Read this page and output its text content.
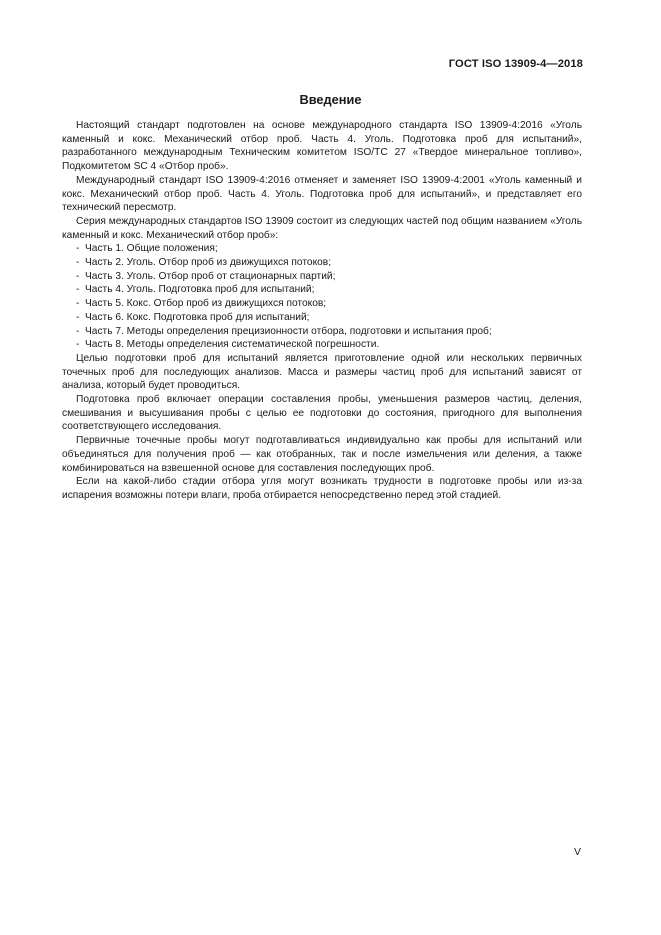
ГОСТ ISO 13909-4—2018
Введение

Настоящий стандарт подготовлен на основе международного стандарта ISO 13909-4:2016 «Уголь каменный и кокс. Механический отбор проб. Часть 4. Уголь. Подготовка проб для испытаний», разработанного международным Техническим комитетом ISO/TC 27 «Твердое минеральное топливо», Подкомитетом SC 4 «Отбор проб».

Международный стандарт ISO 13909-4:2016 отменяет и заменяет ISO 13909-4:2001 «Уголь каменный и кокс. Механический отбор проб. Часть 4. Уголь. Подготовка проб для испытаний», и представляет его технический пересмотр.

Серия международных стандартов ISO 13909 состоит из следующих частей под общим названием «Уголь каменный и кокс. Механический отбор проб»:

- Часть 1. Общие положения;
- Часть 2. Уголь. Отбор проб из движущихся потоков;
- Часть 3. Уголь. Отбор проб от стационарных партий;
- Часть 4. Уголь. Подготовка проб для испытаний;
- Часть 5. Кокс. Отбор проб из движущихся потоков;
- Часть 6. Кокс. Подготовка проб для испытаний;
- Часть 7. Методы определения прецизионности отбора, подготовки и испытания проб;
- Часть 8. Методы определения систематической погрешности.

Целью подготовки проб для испытаний является приготовление одной или нескольких первичных точечных проб для последующих анализов. Масса и размеры частиц проб для испытаний зависят от анализа, который будет проводиться.

Подготовка проб включает операции составления пробы, уменьшения размеров частиц, деления, смешивания и высушивания пробы с целью ее подготовки до состояния, пригодного для выполнения соответствующего исследования.

Первичные точечные пробы могут подготавливаться индивидуально как пробы для испытаний или объединяться для получения проб — как отобранных, так и после измельчения или деления, а также комбинироваться на взвешенной основе для составления последующих проб.

Если на какой-либо стадии отбора угля могут возникать трудности в подготовке пробы или из-за испарения возможны потери влаги, проба отбирается непосредственно перед этой стадией.

V
